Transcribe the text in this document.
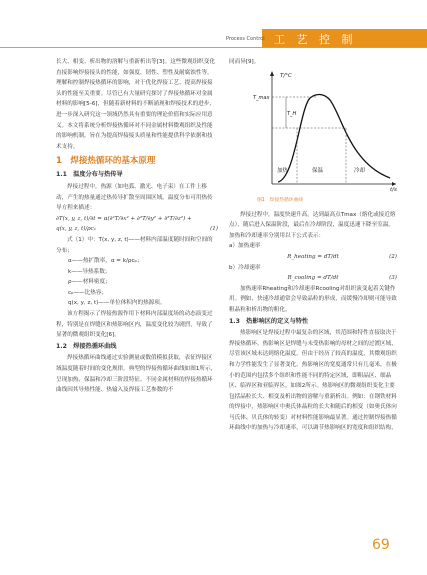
工 艺 控 制
Process Control

长大、相变、析出物的溶解与重新析出等[3]。这些微观组织变化直接影响焊接接头的性能，如强度、韧性、塑性及耐腐蚀性等。理解和控制焊接热循环的影响，对于优化焊接工艺、提高焊接接头的性能至关重要。尽管已有大量研究探讨了焊接热循环对金属材料的影响[5-6]，但随着新材料的不断涌现和焊接技术的进步，进一步深入研究这一领域仍然具有重要的理论价值和实际应用意义。本文将系统分析焊接热循环对不同金属材料微观组织及性能的影响机制，旨在为提高焊接接头质量和性能提供科学依据和技术支持。

1　焊接热循环的基本原理
1.1　温度分布与热传导

焊接过程中，热源（如电弧、激光、电子束）在工件上移动，产生的热量通过热传导扩散至周围区域。温度分布可用热传导方程来描述：

∂T(x, y, z, t)/∂t = α(∂²T/∂x² + ∂²T/∂y² + ∂²T/∂z²) +
q(x, y, z, t)/ρcₚ	(1)

式（1）中：T(x, y, z, t)——材料内部温度随时间和空间的分布；

α——热扩散率，α = k/ρcₚ；
k——导热系数；
ρ——材料密度；
cₚ——比热容；
q(x, y, z, t)——单位体积内的热源项。

该方程揭示了焊接热源作用下材料内部温度场的动态演变过程，特别是在焊缝区和热影响区内，温度变化较为剧烈，导致了显著的微观组织变化[6]。

1.2　焊接热循环曲线

焊接热循环曲线通过实验测量或数值模拟获取，表征焊接区域温度随着时间的变化规律。典型的焊接热循环曲线如图1所示，呈现加热、保温和冷却三阶段特征。不同金属材料的焊接热循环曲线因其导热性能、热输入及焊接工艺参数的不

T/°C
t/s
T_max
T_H
加热	保温	冷却
图1　焊接热循环曲线

同而异[9]。

焊接过程中，温度快速升高，达到最高点Tmax（熔化或接近熔点），随后进入保温阶段，最后在冷却阶段，温度迅速下降至室温。加热和冷却速率分别用以下公式表示：

a）加热速率
R_heating = dT/dt	(2)
b）冷却速率
R_cooling = dT/dt	(3)

加热速率Rheating和冷却速率Rcooling对组织演变起着关键作用。例如，快速冷却通常会导致晶粒的形成，而缓慢冷却则可能导致粗晶粒和析出物的粗化。

1.3　热影响区的定义与特性

热影响区是焊接过程中最复杂的区域，其范围和特性直接取决于焊接热循环。热影响区是焊缝与未受热影响的母材之间的过渡区域，尽管该区域未达到熔化温度，但由于经历了较高的温度，其微观组织和力学性能发生了显著变化。热影响区的宽度通常只有几毫米，在极小的范围内包括多个组织和性能不同的特定区域，即粗晶区、细晶区、临界区和亚临界区，如图2所示。热影响区的微观组织变化主要包括晶粒长大、相变及析出物的溶解与重新析出。例如：在钢铁材料的焊接中，热影响区中奥氏体晶粒的长大和随后的相变（如奥氏体向马氏体、贝氏体的转变）对材料性能影响最显著。通过控制焊接热循环曲线中的加热与冷却速率，可以调节热影响区的宽度和组织结构，

69
